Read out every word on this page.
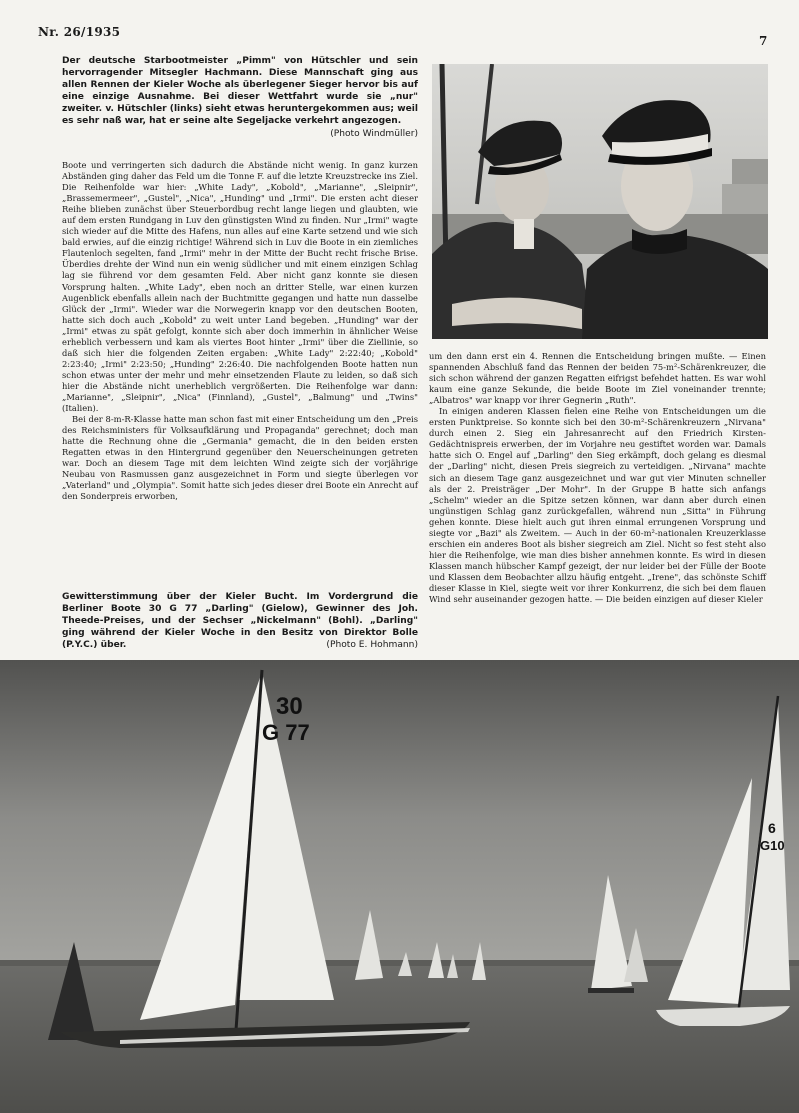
Nr. 26/1935
7
Der deutsche Starbootmeister „Pimm" von Hütschler und sein hervorragender Mitsegler Hachmann. Diese Mannschaft ging aus allen Rennen der Kieler Woche als überlegener Sieger hervor bis auf eine einzige Ausnahme. Bei dieser Wettfahrt wurde sie „nur" zweiter. v. Hütschler (links) sieht etwas heruntergekommen aus; weil es sehr naß war, hat er seine alte Segeljacke verkehrt angezogen.
(Photo Windmüller)

Boote und verringerten sich dadurch die Abstände nicht wenig. In ganz kurzen Abständen ging daher das Feld um die Tonne F. auf die letzte Kreuzstrecke ins Ziel. Die Reihenfolde war hier: „White Lady", „Kobold", „Marianne", „Sleipnir", „Brassemermeer", „Gustel", „Nica", „Hunding" und „Irmi". Die ersten acht dieser Reihe blieben zunächst über Steuerbordbug recht lange liegen und glaubten, wie auf dem ersten Rundgang in Luv den günstigsten Wind zu finden. Nur „Irmi" wagte sich wieder auf die Mitte des Hafens, nun alles auf eine Karte setzend und wie sich bald erwies, auf die einzig richtige! Während sich in Luv die Boote in ein ziemliches Flautenloch segelten, fand „Irmi" mehr in der Mitte der Bucht recht frische Brise. Überdies drehte der Wind nun ein wenig südlicher und mit einem einzigen Schlag lag sie führend vor dem gesamten Feld. Aber nicht ganz konnte sie diesen Vorsprung halten. „White Lady", eben noch an dritter Stelle, war einen kurzen Augenblick ebenfalls allein nach der Buchtmitte gegangen und hatte nun dasselbe Glück der „Irmi". Wieder war die Norwegerin knapp vor den deutschen Booten, hatte sich doch auch „Kobold" zu weit unter Land begeben. „Hunding" war der „Irmi" etwas zu spät gefolgt, konnte sich aber doch immerhin in ähnlicher Weise erheblich verbessern und kam als viertes Boot hinter „Irmi" über die Ziellinie, so daß sich hier die folgenden Zeiten ergaben: „White Lady" 2:22:40; „Kobold" 2:23:40; „Irmi" 2:23:50; „Hunding" 2:26:40. Die nachfolgenden Boote hatten nun schon etwas unter der mehr und mehr einsetzenden Flaute zu leiden, so daß sich hier die Abstände nicht unerheblich vergrößerten. Die Reihenfolge war dann: „Marianne", „Sleipnir", „Nica" (Finnland), „Gustel", „Balmung" und „Twins" (Italien).

Bei der 8-m-R-Klasse hatte man schon fast mit einer Entscheidung um den „Preis des Reichsministers für Volksaufklärung und Propaganda" gerechnet; doch man hatte die Rechnung ohne die „Germania" gemacht, die in den beiden ersten Regatten etwas in den Hintergrund gegenüber den Neuerscheinungen getreten war. Doch an diesem Tage mit dem leichten Wind zeigte sich der vorjährige Neubau von Rasmussen ganz ausgezeichnet in Form und siegte überlegen vor „Vaterland" und „Olympia". Somit hatte sich jedes dieser drei Boote ein Anrecht auf den Sonderpreis erworben,

Gewitterstimmung über der Kieler Bucht. Im Vordergrund die Berliner Boote 30 G 77 „Darling" (Gielow), Gewinner des Joh. Theede-Preises, und der Sechser „Nickelmann" (Bohl). „Darling" ging während der Kieler Woche in den Besitz von Direktor Bolle (P.Y.C.) über.	(Photo E. Hohmann)

um den dann erst ein 4. Rennen die Entscheidung bringen mußte. — Einen spannenden Abschluß fand das Rennen der beiden 75-m²-Schärenkreuzer, die sich schon während der ganzen Regatten eifrigst befehdet hatten. Es war wohl kaum eine ganze Sekunde, die beide Boote im Ziel voneinander trennte; „Albatros" war knapp vor ihrer Gegnerin „Ruth".

In einigen anderen Klassen fielen eine Reihe von Entscheidungen um die ersten Punktpreise. So konnte sich bei den 30-m²-Schärenkreuzern „Nirvana" durch einen 2. Sieg ein Jahresanrecht auf den Friedrich Kirsten-Gedächtnispreis erwerben, der im Vorjahre neu gestiftet worden war. Damals hatte sich O. Engel auf „Darling" den Sieg erkämpft, doch gelang es diesmal der „Darling" nicht, diesen Preis siegreich zu verteidigen. „Nirvana" machte sich an diesem Tage ganz ausgezeichnet und war gut vier Minuten schneller als der 2. Preisträger „Der Mohr". In der Gruppe B hatte sich anfangs „Schelm" wieder an die Spitze setzen können, war dann aber durch einen ungünstigen Schlag ganz zurückgefallen, während nun „Sitta" in Führung gehen konnte. Diese hielt auch gut ihren einmal errungenen Vorsprung und siegte vor „Bazi" als Zweitem. — Auch in der 60-m²-nationalen Kreuzerklasse erschien ein anderes Boot als bisher siegreich am Ziel. Nicht so fest steht also hier die Reihenfolge, wie man dies bisher annehmen konnte. Es wird in diesen Klassen manch hübscher Kampf gezeigt, der nur leider bei der Fülle der Boote und Klassen dem Beobachter allzu häufig entgeht. „Irene", das schönste Schiff dieser Klasse in Kiel, siegte weit vor ihrer Konkurrenz, die sich bei dem flauen Wind sehr auseinander gezogen hatte. — Die beiden einzigen auf dieser Kieler

30
G 77
6
G10
